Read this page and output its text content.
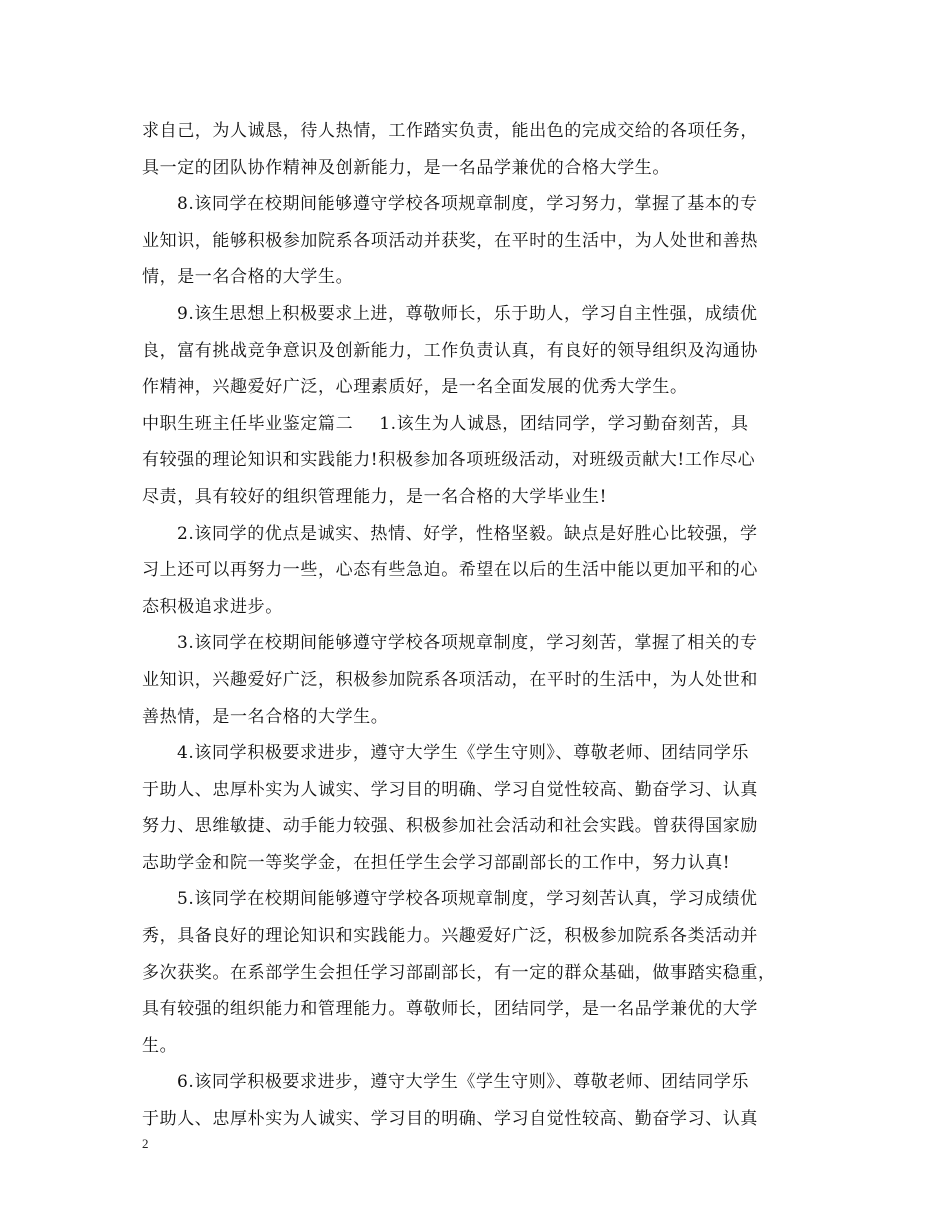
求自己，为人诚恳，待人热情，工作踏实负责，能出色的完成交给的各项任务，
具一定的团队协作精神及创新能力，是一名品学兼优的合格大学生。
8.该同学在校期间能够遵守学校各项规章制度，学习努力，掌握了基本的专
业知识，能够积极参加院系各项活动并获奖，在平时的生活中，为人处世和善热
情，是一名合格的大学生。
9.该生思想上积极要求上进，尊敬师长，乐于助人，学习自主性强，成绩优
良，富有挑战竞争意识及创新能力，工作负责认真，有良好的领导组织及沟通协
作精神，兴趣爱好广泛，心理素质好，是一名全面发展的优秀大学生。
中职生班主任毕业鉴定篇二 1.该生为人诚恳，团结同学，学习勤奋刻苦，具
有较强的理论知识和实践能力!积极参加各项班级活动，对班级贡献大!工作尽心
尽责，具有较好的组织管理能力，是一名合格的大学毕业生!
2.该同学的优点是诚实、热情、好学，性格坚毅。缺点是好胜心比较强，学
习上还可以再努力一些，心态有些急迫。希望在以后的生活中能以更加平和的心
态积极追求进步。
3.该同学在校期间能够遵守学校各项规章制度，学习刻苦，掌握了相关的专
业知识，兴趣爱好广泛，积极参加院系各项活动，在平时的生活中，为人处世和
善热情，是一名合格的大学生。
4.该同学积极要求进步，遵守大学生《学生守则》、尊敬老师、团结同学乐
于助人、忠厚朴实为人诚实、学习目的明确、学习自觉性较高、勤奋学习、认真
努力、思维敏捷、动手能力较强、积极参加社会活动和社会实践。曾获得国家励
志助学金和院一等奖学金，在担任学生会学习部副部长的工作中，努力认真!
5.该同学在校期间能够遵守学校各项规章制度，学习刻苦认真，学习成绩优
秀，具备良好的理论知识和实践能力。兴趣爱好广泛，积极参加院系各类活动并
多次获奖。在系部学生会担任学习部副部长，有一定的群众基础，做事踏实稳重，
具有较强的组织能力和管理能力。尊敬师长，团结同学，是一名品学兼优的大学
生。
6.该同学积极要求进步，遵守大学生《学生守则》、尊敬老师、团结同学乐
于助人、忠厚朴实为人诚实、学习目的明确、学习自觉性较高、勤奋学习、认真
2
